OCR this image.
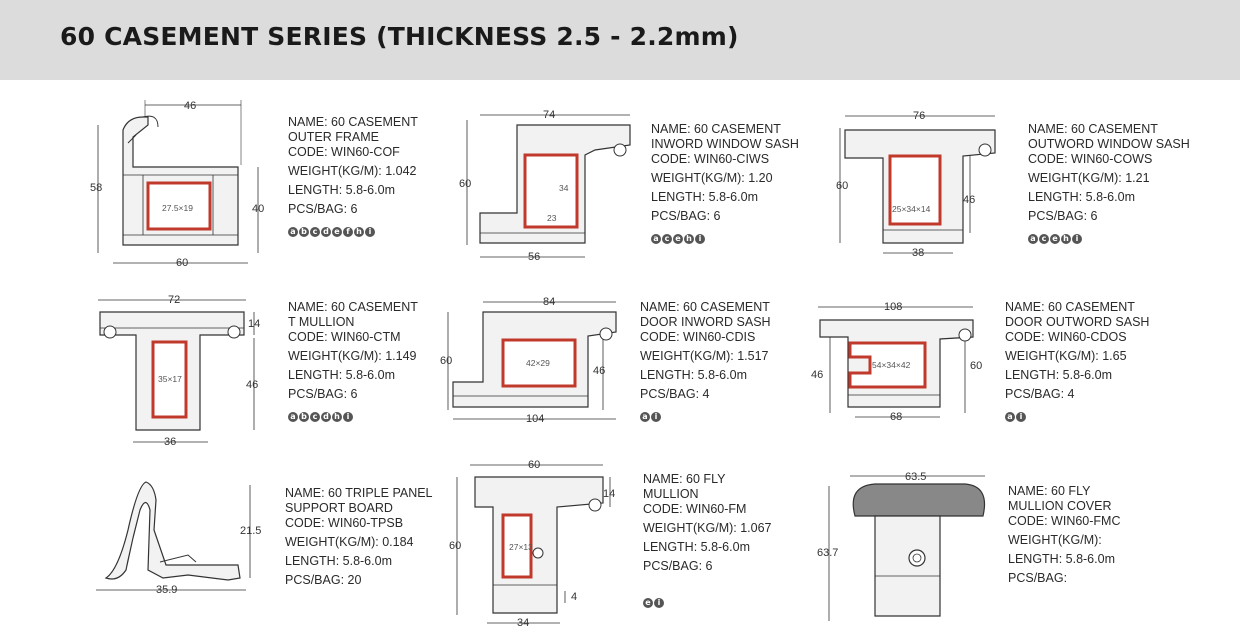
60 CASEMENT SERIES (THICKNESS 2.5 - 2.2mm)
46
58
40
60
27.5×19
NAME: 60 CASEMENT
OUTER FRAME
CODE: WIN60-COF
WEIGHT(KG/M): 1.042
LENGTH: 5.8-6.0m
PCS/BAG: 6
a b c d e f h i
74
60
56
34
23
NAME: 60 CASEMENT
INWORD WINDOW SASH
CODE: WIN60-CIWS
WEIGHT(KG/M): 1.20
LENGTH: 5.8-6.0m
PCS/BAG: 6
a c e h i
76
60
46
38
25×34×14
NAME: 60 CASEMENT
OUTWORD WINDOW SASH
CODE: WIN60-COWS
WEIGHT(KG/M): 1.21
LENGTH: 5.8-6.0m
PCS/BAG: 6
a c e h i
72
14
46
36
35×17
NAME: 60 CASEMENT
T MULLION
CODE: WIN60-CTM
WEIGHT(KG/M): 1.149
LENGTH: 5.8-6.0m
PCS/BAG: 6
a b c d h i
84
60
46
104
42×29
NAME: 60 CASEMENT
DOOR INWORD SASH
CODE: WIN60-CDIS
WEIGHT(KG/M): 1.517
LENGTH: 5.8-6.0m
PCS/BAG: 4
a i
108
46
60
68
54×34×42
NAME: 60 CASEMENT
DOOR OUTWORD SASH
CODE: WIN60-CDOS
WEIGHT(KG/M): 1.65
LENGTH: 5.8-6.0m
PCS/BAG: 4
a i
21.5
35.9
NAME: 60 TRIPLE PANEL
SUPPORT BOARD
CODE: WIN60-TPSB
WEIGHT(KG/M): 0.184
LENGTH: 5.8-6.0m
PCS/BAG: 20
60
14
60
4
34
27×13
NAME: 60 FLY
MULLION
CODE: WIN60-FM
WEIGHT(KG/M): 1.067
LENGTH: 5.8-6.0m
PCS/BAG: 6
e i
63.5
63.7
NAME: 60 FLY
MULLION COVER
CODE: WIN60-FMC
WEIGHT(KG/M):
LENGTH: 5.8-6.0m
PCS/BAG:
